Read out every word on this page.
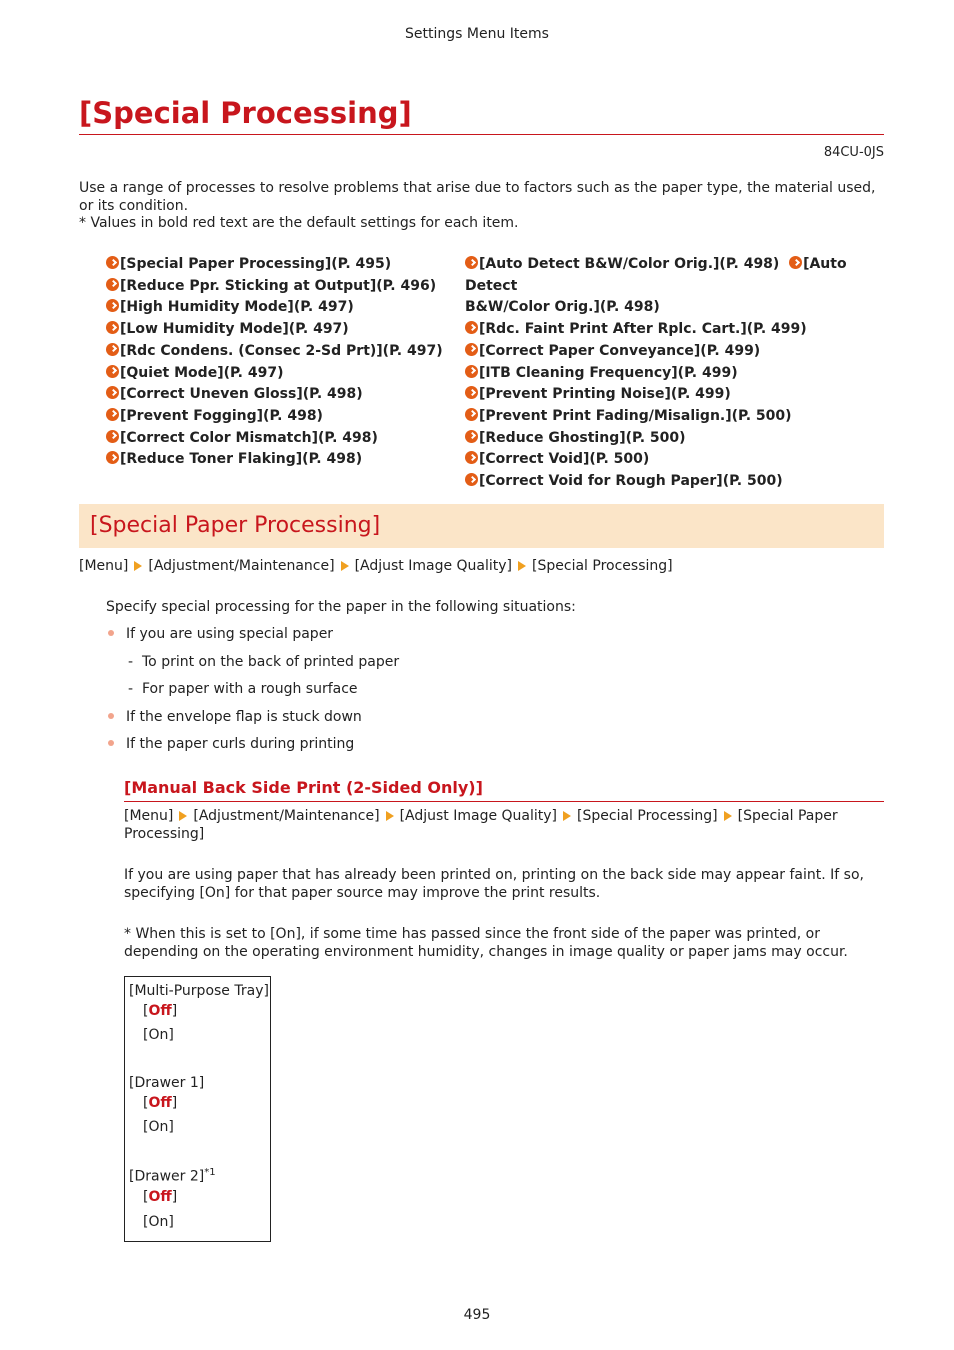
Settings Menu Items
[Special Processing]
84CU-0JS

Use a range of processes to resolve problems that arise due to factors such as the paper type, the material used, or its condition.

* Values in bold red text are the default settings for each item.

[Special Paper Processing](P. 495)
[Reduce Ppr. Sticking at Output](P. 496)
[High Humidity Mode](P. 497)
[Low Humidity Mode](P. 497)
[Rdc Condens. (Consec 2-Sd Prt)](P. 497)
[Quiet Mode](P. 497)
[Correct Uneven Gloss](P. 498)
[Prevent Fogging](P. 498)
[Correct Color Mismatch](P. 498)
[Reduce Toner Flaking](P. 498)
[Auto Detect B&W/Color Orig.](P. 498) [Auto Detect
B&W/Color Orig.](P. 498)
[Rdc. Faint Print After Rplc. Cart.](P. 499)
[Correct Paper Conveyance](P. 499)
[ITB Cleaning Frequency](P. 499)
[Prevent Printing Noise](P. 499)
[Prevent Print Fading/Misalign.](P. 500)
[Reduce Ghosting](P. 500)
[Correct Void](P. 500)
[Correct Void for Rough Paper](P. 500)
[Special Paper Processing]
[Menu] [Adjustment/Maintenance] [Adjust Image Quality] [Special Processing]
Specify special processing for the paper in the following situations:
If you are using special paper
- To print on the back of printed paper
- For paper with a rough surface
If the envelope flap is stuck down
If the paper curls during printing
[Manual Back Side Print (2-Sided Only)]
[Menu] [Adjustment/Maintenance] [Adjust Image Quality] [Special Processing] [Special Paper Processing]

If you are using paper that has already been printed on, printing on the back side may appear faint. If so, specifying [On] for that paper source may improve the print results.

* When this is set to [On], if some time has passed since the front side of the paper was printed, or depending on the operating environment humidity, changes in image quality or paper jams may occur.

[Multi-Purpose Tray]
[Off]
[On]
[Drawer 1]
[Off]
[On]
[Drawer 2]$^{*1}$
[Off]
[On]
495
